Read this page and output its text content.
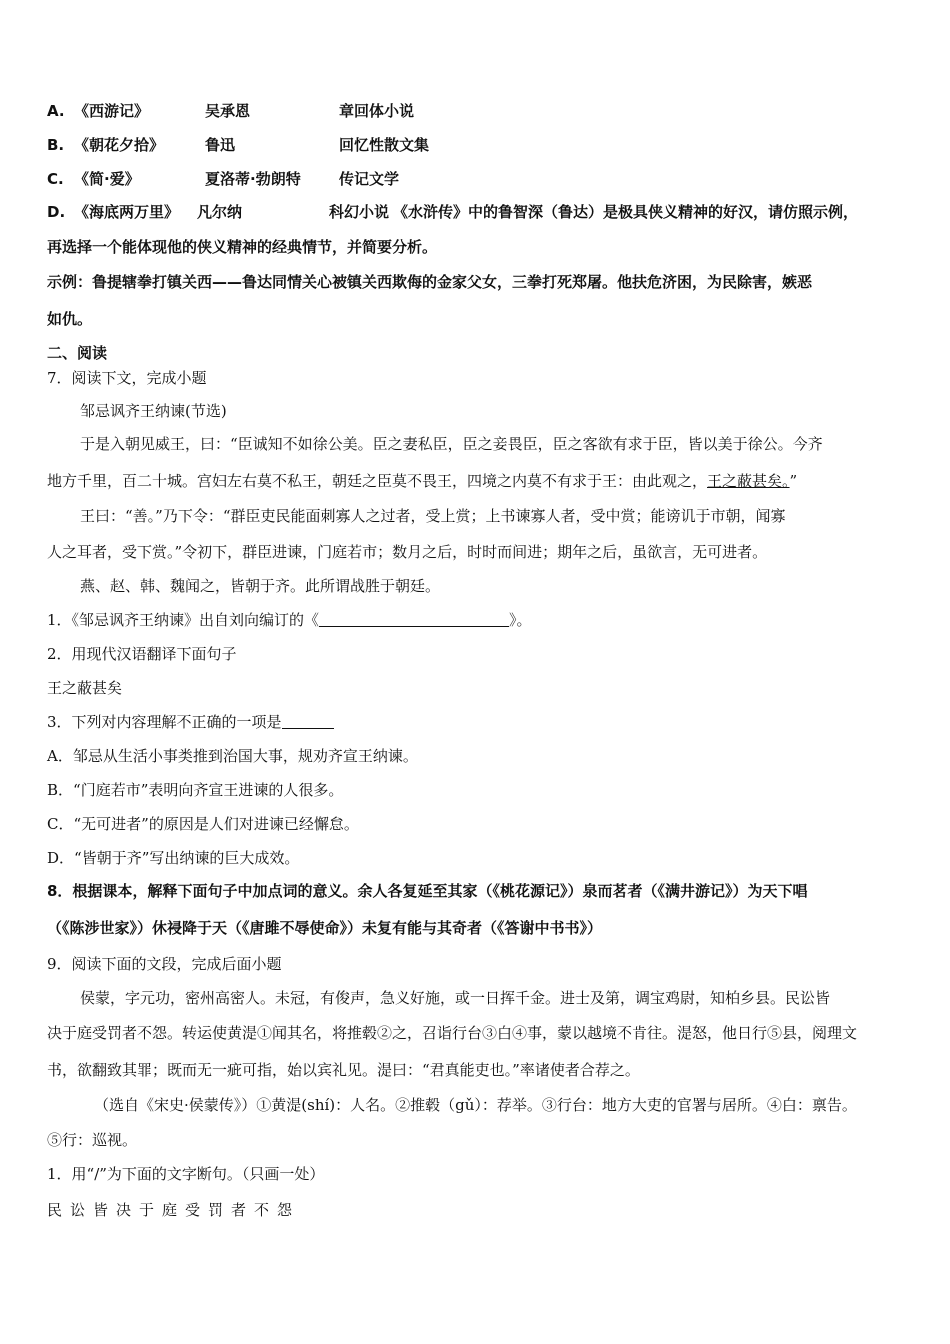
A. 《西游记》	吴承恩	章回体小说
B. 《朝花夕拾》	鲁迅	回忆性散文集
C. 《简·爱》	夏洛蒂·勃朗特	传记文学
D. 《海底两万里》 凡尔纳	科幻小说 《水浒传》中的鲁智深（鲁达）是极具侠义精神的好汉，请仿照示例，
再选择一个能体现他的侠义精神的经典情节，并简要分析。
示例：鲁提辖拳打镇关西——鲁达同情关心被镇关西欺侮的金家父女，三拳打死郑屠。他扶危济困，为民除害，嫉恶
如仇。
二、阅读
7．阅读下文，完成小题
邹忌讽齐王纳谏(节选)
于是入朝见威王，曰：“臣诚知不如徐公美。臣之妻私臣，臣之妾畏臣，臣之客欲有求于臣，皆以美于徐公。今齐
地方千里，百二十城。宫妇左右莫不私王，朝廷之臣莫不畏王，四境之内莫不有求于王：由此观之，王之蔽甚矣。”
王曰：“善。”乃下令：“群臣吏民能面刺寡人之过者，受上赏；上书谏寡人者，受中赏；能谤讥于市朝，闻寡
人之耳者，受下赏。”令初下，群臣进谏，门庭若市；数月之后，时时而间进；期年之后，虽欲言，无可进者。
燕、赵、韩、魏闻之，皆朝于齐。此所谓战胜于朝廷。
1．《邹忌讽齐王纳谏》出自刘向编订的《	》。
2．用现代汉语翻译下面句子
王之蔽甚矣
3．下列对内容理解不正确的一项是
A．邹忌从生活小事类推到治国大事，规劝齐宣王纳谏。
B．“门庭若市”表明向齐宣王进谏的人很多。
C．“无可进者”的原因是人们对进谏已经懈怠。
D．“皆朝于齐”写出纳谏的巨大成效。
8．根据课本，解释下面句子中加点词的意义。余人各复延至其家（《桃花源记》）泉而茗者（《满井游记》）为天下唱
（《陈涉世家》）休祲降于天（《唐雎不辱使命》）未复有能与其奇者（《答谢中书书》）
9．阅读下面的文段，完成后面小题
侯蒙，字元功，密州高密人。未冠，有俊声，急义好施，或一日挥千金。进士及第，调宝鸡尉，知柏乡县。民讼皆
决于庭受罚者不怨。转运使黄湜①闻其名，将推毂②之，召诣行台③白④事，蒙以越境不肯往。湜怒，他日行⑤县，阅理文
书，欲翻致其罪；既而无一疵可指，始以宾礼见。湜曰：“君真能吏也。”率诸使者合荐之。
（选自《宋史·侯蒙传》）①黄湜(shí)：人名。②推毂（gǔ）：荐举。③行台：地方大吏的官署与居所。④白：禀告。
⑤行：巡视。
1．用“/”为下面的文字断句。（只画一处）
民讼皆决于庭受罚者不怨
